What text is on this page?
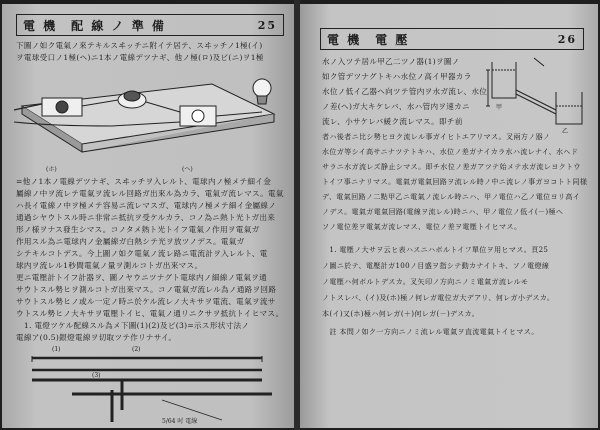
電 機　配 線 ノ 準 備	25
下圖ノ如ク電氣ノ來テキルスヰッチニ附イテ居テ、スヰッチノ1極(イ)
ヲ電球受口ノ1極(ヘ)ニ1本ノ電線デツナギ、他ノ極(ロ)及ビ(ニ)ヲ1極
(ホ)	(ヘ)
=他ノ1本ノ電線デツナギ、スヰッチヲ入レルト、電球内ノ極メテ細イ金
屬線ノ中ヲ流レテ電氣ヲ流レル回路ガ出來ル為カラ、電氣ガ流レマス。電氣
ハ長イ電線ノ中ヲ極メテ容易ニ流レマスガ、電球内ノ極メテ細イ金屬線ノ
通過シヤウトスル時ニ非常ニ抵抗ヲ受ケルカラ、コノ為ニ熱ト光トガ出来
形ノ様ヲナス發生シマス。コノタメ熱ト光トイフ電氣ノ作用ヲ電氣ガ
作用スル為ニ電球内ノ金屬線ガ白熱シテ光ヲ放ツノデス。電氣ガ
シテキルコトデス。今上圖ノ如ク電氣ノ流レ路ニ電流計ヲ入レルト、電
球内ヲ流レル1秒間電氣ノ量ヲ測ルコトガ出來マス。
更ニ電壓計トイフ計器ヲ、圖ノヤウニツナグト電球内ノ細線ノ電氣ヲ通
サウトスル勢ヒヲ測ルコトガ出來マス。コノ電氣ガ流レル為ノ通路ヲ回路
サウトスル勢ヒノ或ル一定ノ時ニ於ケル流レノ大キサヲ電流、電氣ヲ流サ
ウトスル勢ヒノ大キサヲ電壓トイヒ、電氣ノ通リニクサヲ抵抗トイヒマス。
　1. 電燈ツケル配線スル為メ下圖(1)(2)及ビ(3)=示ス形状寸法ノ
電線ア(0.5)銀燈電線ヲ切取ツテ作リナサイ。
(1)	(2)
(3)
5/64 吋 電線
電 機　電 壓	26
甲
乙
水ノ入ツテ居ル甲乙二ツノ器(1)ヲ圖ノ
如ク管デツナグトキハ水位ノ高イ甲器カラ
水位ノ低イ乙器ヘ向ツテ管内ヲ水ガ流レ、水位
ノ差(へ)ガ大キケレバ、水ハ管内ヲ速カニ
流レ、小サケレバ緩ク流レマス。即チ前
者ハ後者ニ比シ勢ヒヨク流レル事ガイヒトエアリマス。叉兩方ノ器ノ
水位ガ等シイ高サニナツテトキハ、水位ノ差ガナイカラ水ハ流レナイ、水ヘド
サラニ水ガ流レズ静止シマス。即チ水位ノ差ガアツテ始メテ水ガ流レヨクトウ
トイフ事ニナリマス。電氣ガ電氣回路ヲ流レル時ノ中ニ流レノ事ガヨコトト同様
デ、電氣回路ノ二點甲乙ニ電氣ノ流レル時ニハ、甲ノ電位ハ乙ノ電位ヨリ高イ
ノデス。電氣ガ電氣回路(電線ヲ流レル)時ニハ、甲ノ電位ノ低イ(－)極ヘ
ソノ電位差ヲ電氣ガ流レマス、電位ノ差ヲ電壓トイヒマス。
　1. 電壓ノ大サヲ云ヒ表ハスニハボルトイフ單位ヲ用ヒマス。頁25
ノ圖ニ於テ、電壓計ガ100ノ目盛ヲ指シテ動カナイトキ、ソノ電燈線
ノ電壓ハ何ボルトデスカ。叉矢印ノ方向ニノミ電氣ガ流レルモ
ノトスレバ、(イ)及(ホ)極ノ何レガ電位ガ大デアリ、何レガ小デスカ。
本(イ)又(ホ)極ハ何レガ(＋)何レガ(－)デスカ。
　註 本問ノ如ク一方向ニノミ流レル電氣ヲ直流電氣トイヒマス。
